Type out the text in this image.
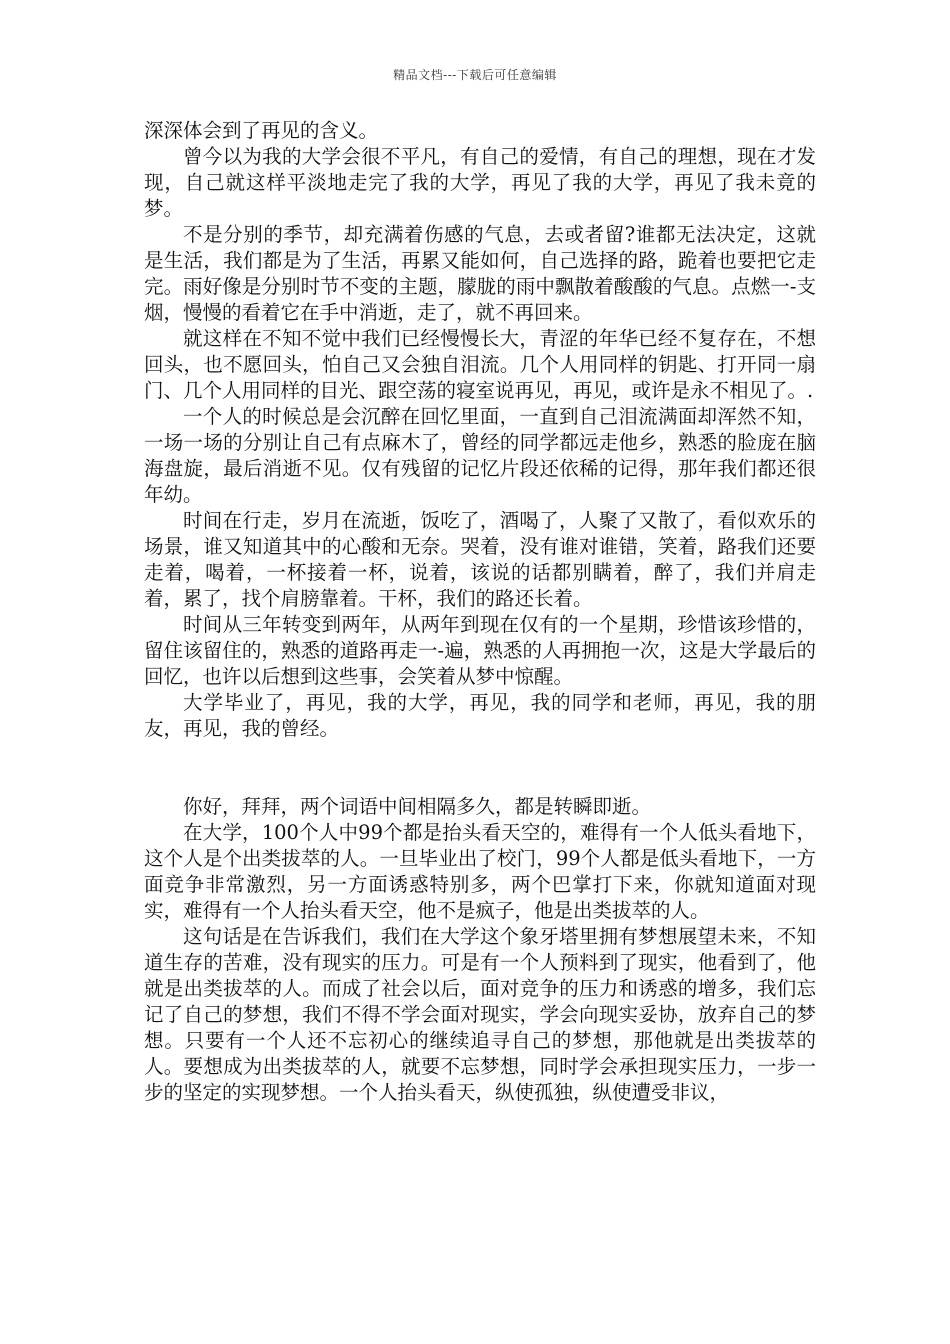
精品文档---下载后可任意编辑

深深体会到了再见的含义。

曾今以为我的大学会很不平凡，有自己的爱情，有自己的理想，现在才发现，自己就这样平淡地走完了我的大学，再见了我的大学，再见了我未竟的梦。

不是分别的季节，却充满着伤感的气息，去或者留?谁都无法决定，这就是生活，我们都是为了生活，再累又能如何，自己选择的路，跪着也要把它走完。雨好像是分别时节不变的主题，朦胧的雨中飘散着酸酸的气息。点燃一-支烟，慢慢的看着它在手中消逝，走了，就不再回来。

就这样在不知不觉中我们已经慢慢长大，青涩的年华已经不复存在，不想回头，也不愿回头，怕自己又会独自泪流。几个人用同样的钥匙、打开同一扇门、几个人用同样的目光、跟空荡的寝室说再见，再见，或许是永不相见了。.

一个人的时候总是会沉醉在回忆里面，一直到自己泪流满面却浑然不知，一场一场的分别让自己有点麻木了，曾经的同学都远走他乡，熟悉的脸庞在脑海盘旋，最后消逝不见。仅有残留的记忆片段还依稀的记得，那年我们都还很年幼。

时间在行走，岁月在流逝，饭吃了，酒喝了，人聚了又散了，看似欢乐的场景，谁又知道其中的心酸和无奈。哭着，没有谁对谁错，笑着，路我们还要走着，喝着，一杯接着一杯，说着，该说的话都别瞒着，醉了，我们并肩走着，累了，找个肩膀靠着。干杯，我们的路还长着。

时间从三年转变到两年，从两年到现在仅有的一个星期，珍惜该珍惜的，留住该留住的，熟悉的道路再走一-遍，熟悉的人再拥抱一次，这是大学最后的回忆，也许以后想到这些事，会笑着从梦中惊醒。

大学毕业了，再见，我的大学，再见，我的同学和老师，再见，我的朋友，再见，我的曾经。

你好，拜拜，两个词语中间相隔多久，都是转瞬即逝。

在大学，100个人中99个都是抬头看天空的，难得有一个人低头看地下，这个人是个出类拔萃的人。一旦毕业出了校门，99个人都是低头看地下，一方面竞争非常激烈，另一方面诱惑特别多，两个巴掌打下来，你就知道面对现实，难得有一个人抬头看天空，他不是疯子，他是出类拔萃的人。

这句话是在告诉我们，我们在大学这个象牙塔里拥有梦想展望未来，不知道生存的苦难，没有现实的压力。可是有一个人预料到了现实，他看到了，他就是出类拔萃的人。而成了社会以后，面对竞争的压力和诱惑的增多，我们忘记了自己的梦想，我们不得不学会面对现实，学会向现实妥协，放弃自己的梦想。只要有一个人还不忘初心的继续追寻自己的梦想，那他就是出类拔萃的人。要想成为出类拔萃的人，就要不忘梦想，同时学会承担现实压力，一步一步的坚定的实现梦想。一个人抬头看天，纵使孤独，纵使遭受非议，
